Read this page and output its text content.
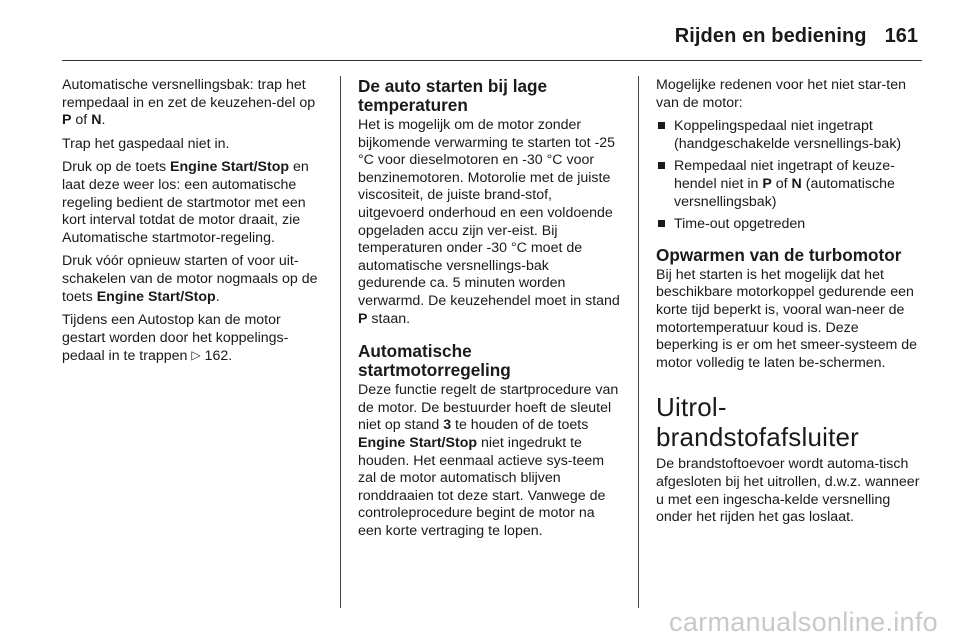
Rijden en bediening 161

Automatische versnellingsbak: trap het rempedaal in en zet de keuzehen‐del op P of N.

Trap het gaspedaal niet in.

Druk op de toets Engine Start/Stop en laat deze weer los: een automatische regeling bedient de startmotor met een kort interval totdat de motor draait, zie Automatische startmotor‐regeling.

Druk vóór opnieuw starten of voor uit‐schakelen van de motor nogmaals op de toets Engine Start/Stop.

Tijdens een Autostop kan de motor gestart worden door het koppelings‐pedaal in te trappen ▷ 162.

De auto starten bij lage temperaturen

Het is mogelijk om de motor zonder bijkomende verwarming te starten tot -25 °C voor dieselmotoren en -30 °C voor benzinemotoren. Motorolie met de juiste viscositeit, de juiste brand‐stof, uitgevoerd onderhoud en een voldoende opgeladen accu zijn ver‐eist. Bij temperaturen onder -30 °C moet de automatische versnellings‐bak gedurende ca. 5 minuten worden verwarmd. De keuzehendel moet in stand P staan.

Automatische startmotorregeling

Deze functie regelt de startprocedure van de motor. De bestuurder hoeft de sleutel niet op stand 3 te houden of de toets Engine Start/Stop niet ingedrukt te houden. Het eenmaal actieve sys‐teem zal de motor automatisch blijven ronddraaien tot deze start. Vanwege de controleprocedure begint de motor na een korte vertraging te lopen.

Mogelijke redenen voor het niet star‐ten van de motor:

Koppelingspedaal niet ingetrapt (handgeschakelde versnellings‐bak)
Rempedaal niet ingetrapt of keuze‐hendel niet in P of N (automatische versnellingsbak)
Time-out opgetreden
Opwarmen van de turbomotor

Bij het starten is het mogelijk dat het beschikbare motorkoppel gedurende een korte tijd beperkt is, vooral wan‐neer de motortemperatuur koud is. Deze beperking is er om het smeer‐systeem de motor volledig te laten be‐schermen.

Uitrol-brandstofafsluiter

De brandstoftoevoer wordt automa‐tisch afgesloten bij het uitrollen, d.w.z. wanneer u met een ingescha‐kelde versnelling onder het rijden het gas loslaat.

carmanualsonline.info
